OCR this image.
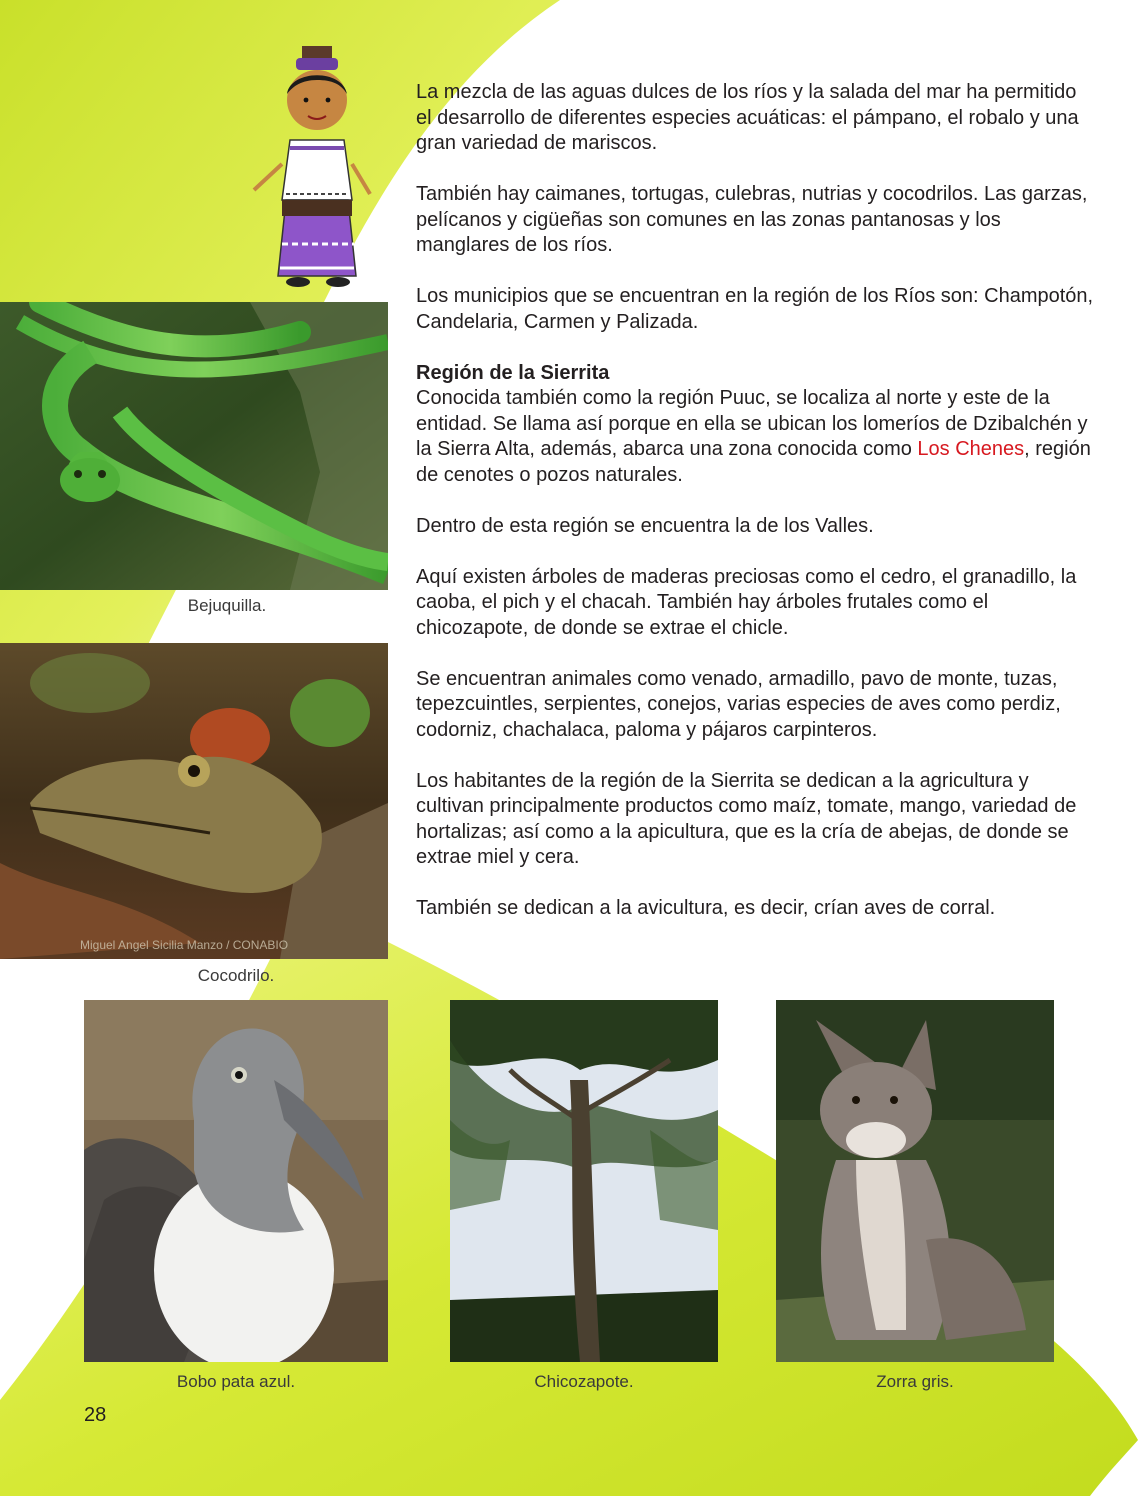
La mezcla de las aguas dulces de los ríos y la salada del mar ha permitido el desarrollo de diferentes especies acuáticas: el pámpano, el robalo y una gran variedad de mariscos.

También hay caimanes, tortugas, culebras, nutrias y cocodrilos. Las garzas, pelícanos y cigüeñas son comunes en las zonas pantanosas y los manglares de los ríos.

Los municipios que se encuentran en la región de los Ríos son: Champotón, Candelaria, Carmen y Palizada.

Región de la Sierrita
Conocida también como la región Puuc, se localiza al norte y este de la entidad. Se llama así porque en ella se ubican los lomeríos de Dzibalchén y la Sierra Alta, además, abarca una zona conocida como Los Chenes, región de cenotes o pozos naturales.

Dentro de esta región se encuentra la de los Valles.

Aquí existen árboles de maderas preciosas como el cedro, el granadillo, la caoba, el pich y el chacah. También hay árboles frutales como el chicozapote, de donde se extrae el chicle.

Se encuentran animales como venado, armadillo, pavo de monte, tuzas, tepezcuintles, serpientes, conejos, varias especies de aves como perdiz, codorniz, chachalaca, paloma y pájaros carpinteros.

Los habitantes de la región de la Sierrita se dedican a la agricultura y cultivan principalmente productos como maíz, tomate, mango, variedad de hortalizas; así como a la apicultura, que es la cría de abejas, de donde se extrae miel y cera.

También se dedican a la avicultura, es decir, crían aves de corral.

Bejuquilla.
Miguel Angel Sicilia Manzo / CONABIO
Cocodrilo.
Bobo pata azul.	Chicozapote.	Zorra gris.
28
